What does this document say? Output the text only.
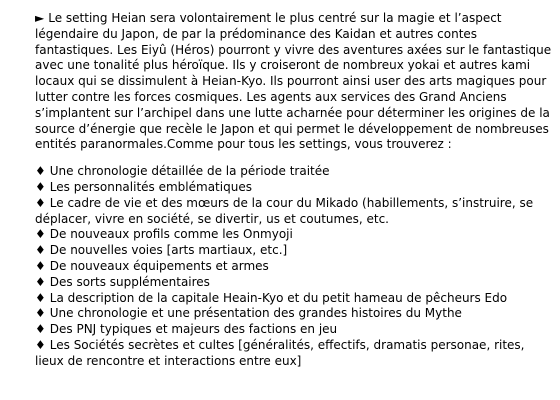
► Le setting Heian sera volontairement le plus centré sur la magie et l’aspect légendaire du Japon, de par la prédominance des Kaidan et autres contes fantastiques. Les Eiyû (Héros) pourront y vivre des aventures axées sur le fantastique avec une tonalité plus héroïque. Ils y croiseront de nombreux yokai et autres kami locaux qui se dissimulent à Heian-Kyo. Ils pourront ainsi user des arts magiques pour lutter contre les forces cosmiques. Les agents aux services des Grand Anciens s’implantent sur l’archipel dans une lutte acharnée pour déterminer les origines de la source d’énergie que recèle le Japon et qui permet le développement de nombreuses entités paranormales.Comme pour tous les settings, vous trouverez :

♦ Une chronologie détaillée de la période traitée
♦ Les personnalités emblématiques
♦ Le cadre de vie et des mœurs de la cour du Mikado (habillements, s’instruire, se déplacer, vivre en société, se divertir, us et coutumes, etc.
♦ De nouveaux profils comme les Onmyoji
♦ De nouvelles voies [arts martiaux, etc.]
♦ De nouveaux équipements et armes
♦ Des sorts supplémentaires
♦ La description de la capitale Heain-Kyo et du petit hameau de pêcheurs Edo
♦ Une chronologie et une présentation des grandes histoires du Mythe
♦ Des PNJ typiques et majeurs des factions en jeu
♦ Les Sociétés secrètes et cultes [généralités, effectifs, dramatis personae, rites, lieux de rencontre et interactions entre eux]
